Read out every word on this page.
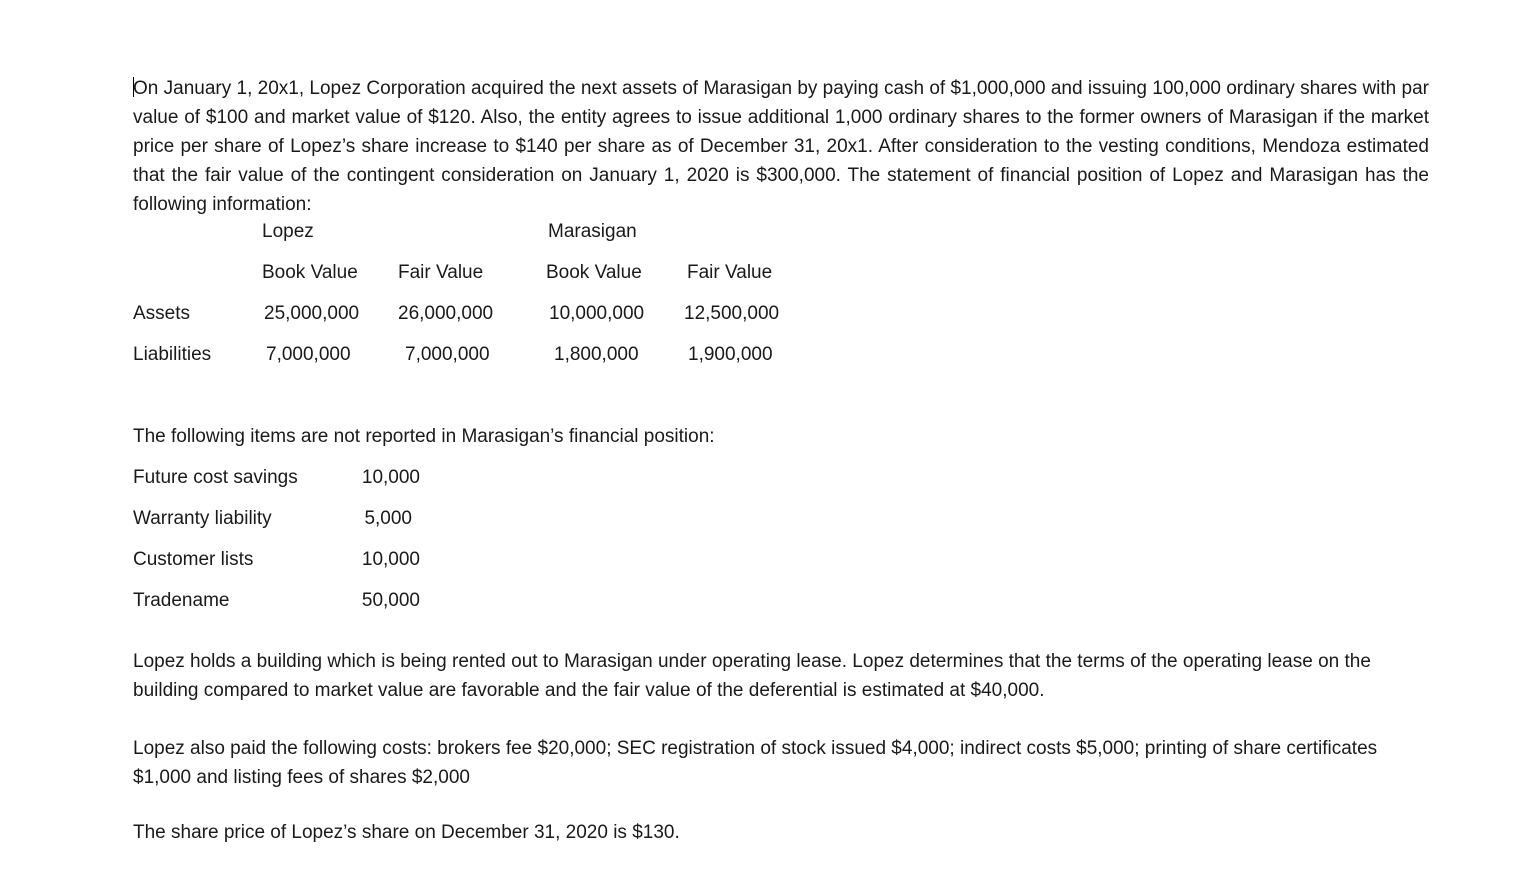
On January 1, 20x1, Lopez Corporation acquired the next assets of Marasigan by paying cash of $1,000,000 and issuing 100,000 ordinary shares with par value of $100 and market value of $120. Also, the entity agrees to issue additional 1,000 ordinary shares to the former owners of Marasigan if the market price per share of Lopez’s share increase to $140 per share as of December 31, 20x1. After consideration to the vesting conditions, Mendoza estimated that the fair value of the contingent consideration on January 1, 2020 is $300,000. The statement of financial position of Lopez and Marasigan has the following information:
Lopez	Marasigan
Book Value Fair Value	Book Value Fair Value
Assets	25,000,000 26,000,000	10,000,000 12,500,000
Liabilities	7,000,000	7,000,000	1,800,000	1,900,000
The following items are not reported in Marasigan’s financial position:
Future cost savings	10,000
Warranty liability	5,000
Customer lists	10,000
Tradename	50,000
Lopez holds a building which is being rented out to Marasigan under operating lease. Lopez determines that the terms of the operating lease on the building compared to market value are favorable and the fair value of the deferential is estimated at $40,000.
Lopez also paid the following costs: brokers fee $20,000; SEC registration of stock issued $4,000; indirect costs $5,000; printing of share certificates $1,000 and listing fees of shares $2,000
The share price of Lopez’s share on December 31, 2020 is $130.
